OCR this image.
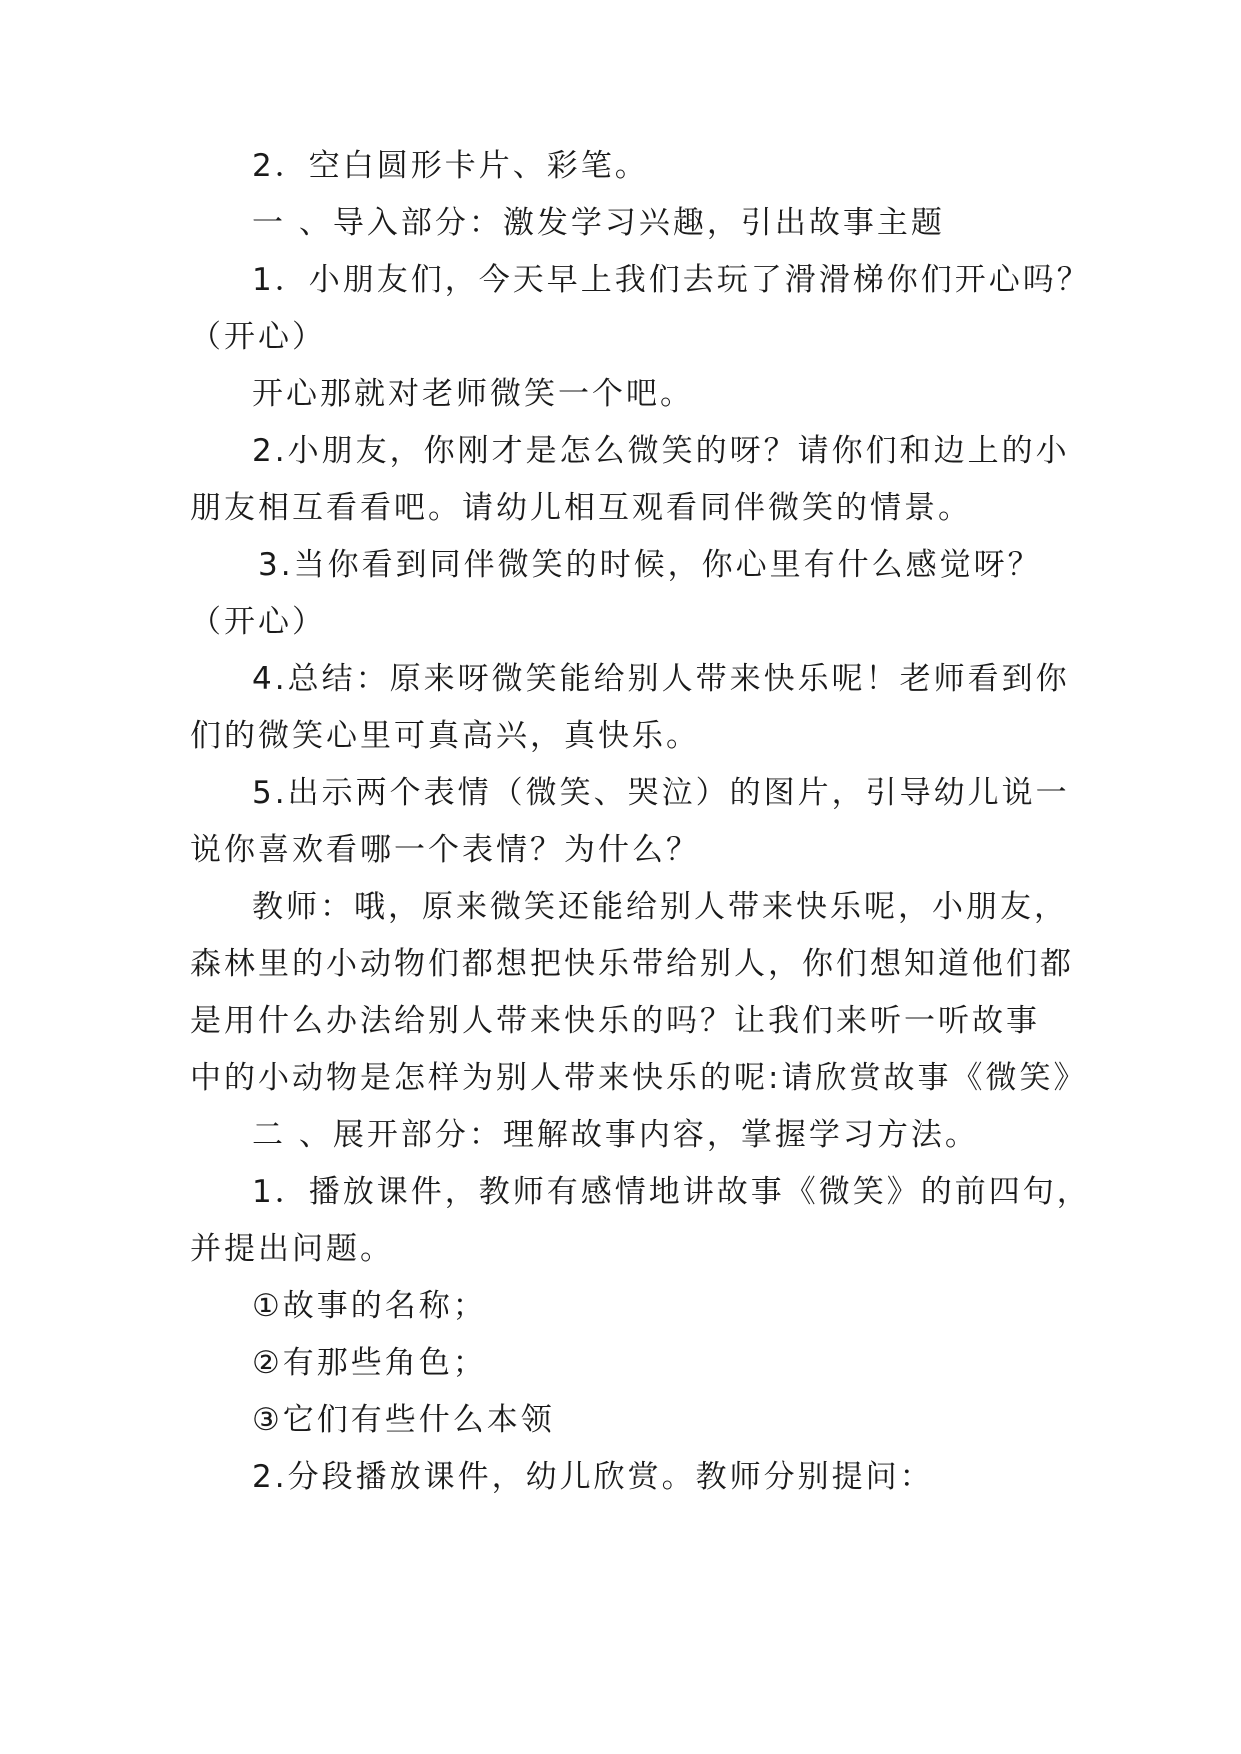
2．空白圆形卡片、彩笔。
一 、导入部分：激发学习兴趣，引出故事主题
1．小朋友们，今天早上我们去玩了滑滑梯你们开心吗？
（开心）
开心那就对老师微笑一个吧。
2.小朋友，你刚才是怎么微笑的呀？请你们和边上的小
朋友相互看看吧。请幼儿相互观看同伴微笑的情景。
3.当你看到同伴微笑的时候，你心里有什么感觉呀？
（开心）
4.总结：原来呀微笑能给别人带来快乐呢！老师看到你
们的微笑心里可真高兴，真快乐。
5.出示两个表情（微笑、哭泣）的图片，引导幼儿说一
说你喜欢看哪一个表情？为什么？
教师：哦，原来微笑还能给别人带来快乐呢，小朋友，
森林里的小动物们都想把快乐带给别人，你们想知道他们都
是用什么办法给别人带来快乐的吗？让我们来听一听故事
中的小动物是怎样为别人带来快乐的呢:请欣赏故事《微笑》
二 、展开部分：理解故事内容，掌握学习方法。
1．播放课件，教师有感情地讲故事《微笑》的前四句，
并提出问题。
①故事的名称；
②有那些角色；
③它们有些什么本领
2.分段播放课件，幼儿欣赏。教师分别提问：
